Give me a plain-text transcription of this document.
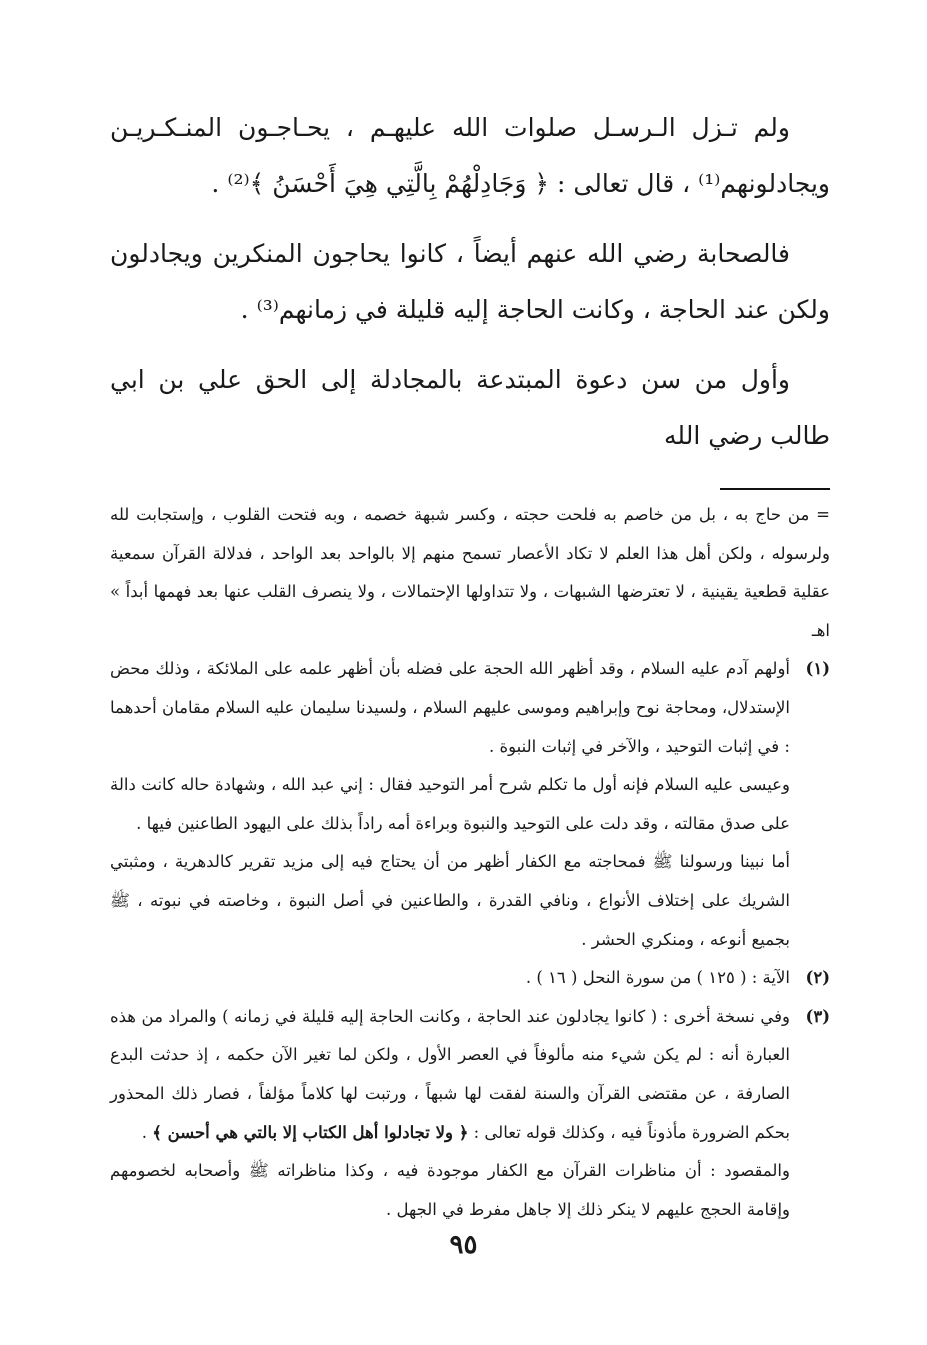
ولم تـزل الـرسـل صلوات الله عليهـم ، يحـاجـون المنـكـريـن ويجادلونهم⁽¹⁾ ، قال تعالى : ﴿ وَجَادِلْهُمْ بِالَّتِي هِيَ أَحْسَنُ ﴾⁽²⁾ .

فالصحابة رضي الله عنهم أيضاً ، كانوا يحاجون المنكرين ويجادلون ولكن عند الحاجة ، وكانت الحاجة إليه قليلة في زمانهم⁽³⁾ .

وأول من سن دعوة المبتدعة بالمجادلة إلى الحق علي بن ابي طالب رضي الله

= من حاج به ، بل من خاصم به فلحت حجته ، وكسر شبهة خصمه ، وبه فتحت القلوب ، وإستجابت لله ولرسوله ، ولكن أهل هذا العلم لا تكاد الأعصار تسمح منهم إلا بالواحد بعد الواحد ، فدلالة القرآن سمعية عقلية قطعية يقينية ، لا تعترضها الشبهات ، ولا تتداولها الإحتمالات ، ولا ينصرف القلب عنها بعد فهمها أبداً » اهـ

(١)
أولهم آدم عليه السلام ، وقد أظهر الله الحجة على فضله بأن أظهر علمه على الملائكة ، وذلك محض الإستدلال، ومحاجة نوح وإبراهيم وموسى عليهم السلام ، ولسيدنا سليمان عليه السلام مقامان أحدهما : في إثبات التوحيد ، والآخر في إثبات النبوة .

وعيسى عليه السلام فإنه أول ما تكلم شرح أمر التوحيد فقال : إني عبد الله ، وشهادة حاله كانت دالة على صدق مقالته ، وقد دلت على التوحيد والنبوة وبراءة أمه راداً بذلك على اليهود الطاعنين فيها .

أما نبينا ورسولنا ﷺ فمحاجته مع الكفار أظهر من أن يحتاج فيه إلى مزيد تقرير كالدهرية ، ومثبتي الشريك على إختلاف الأنواع ، ونافي القدرة ، والطاعنين في أصل النبوة ، وخاصته في نبوته ، ﷺ بجميع أنوعه ، ومنكري الحشر .

(٢)
الآية : ( ١٢٥ ) من سورة النحل ( ١٦ ) .
(٣)
وفي نسخة أخرى : ( كانوا يجادلون عند الحاجة ، وكانت الحاجة إليه قليلة في زمانه ) والمراد من هذه العبارة أنه : لم يكن شيء منه مألوفاً في العصر الأول ، ولكن لما تغير الآن حكمه ، إذ حدثت البدع الصارفة ، عن مقتضى القرآن والسنة لفقت لها شبهاً ، ورتبت لها كلاماً مؤلفاً ، فصار ذلك المحذور بحكم الضرورة مأذوناً فيه ، وكذلك قوله تعالى : ﴿ ولا تجادلوا أهل الكتاب إلا بالتي هي أحسن ﴾ .

والمقصود : أن مناظرات القرآن مع الكفار موجودة فيه ، وكذا مناظراته ﷺ وأصحابه لخصومهم وإقامة الحجج عليهم لا ينكر ذلك إلا جاهل مفرط في الجهل .

٩٥
